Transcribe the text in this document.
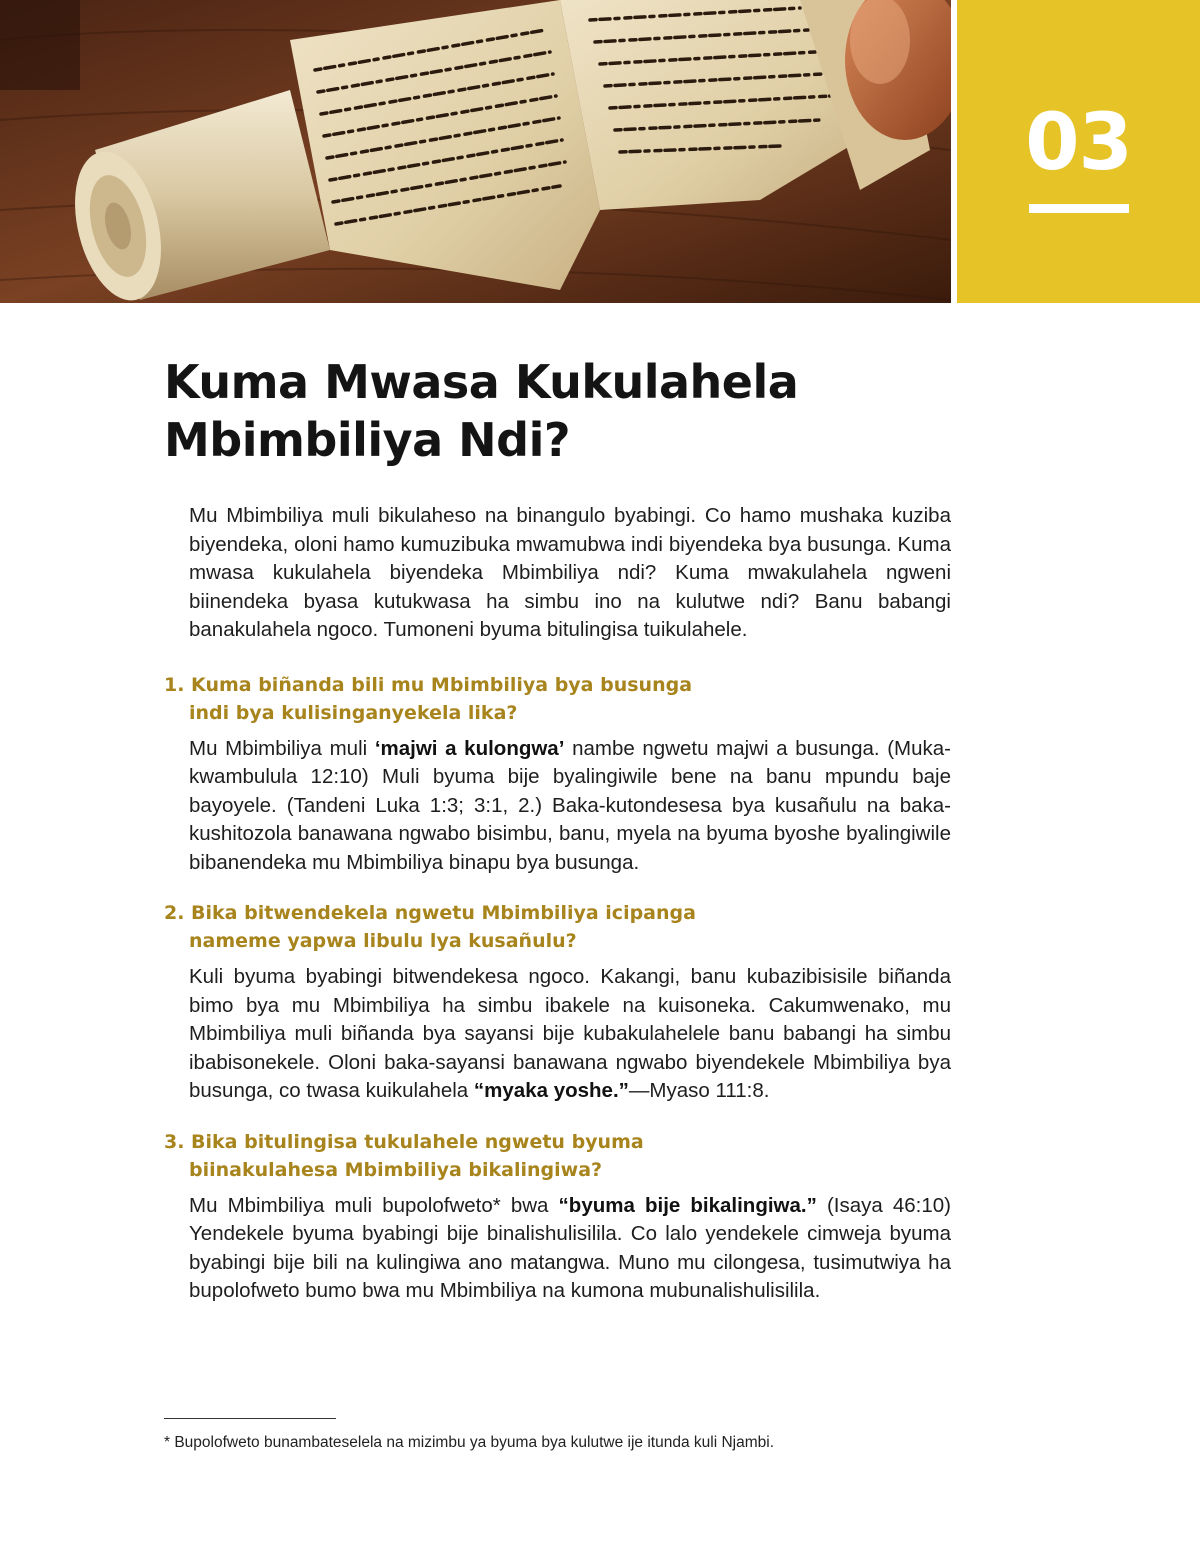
03
Kuma Mwasa Kukulahela
Mbimbiliya Ndi?

Mu Mbimbiliya muli bikulaheso na binangulo byabingi. Co hamo mushaka kuziba biyendeka, oloni hamo kumuzibuka mwamubwa indi biyendeka bya busunga. Kuma mwasa kukulahela biyendeka Mbimbiliya ndi? Kuma mwakulahela ngweni biinendeka byasa kutukwasa ha simbu ino na kulutwe ndi? Banu babangi banakulahela ngoco. Tumoneni byuma bitulingisa tuikulahele.

1. Kuma biñanda bili mu Mbimbiliya bya busunga
indi bya kulisinganyekela lika?

Mu Mbimbiliya muli ‘majwi a kulongwa’ nambe ngwetu majwi a busunga. (Muka-kwambulula 12:10) Muli byuma bije byalingiwile bene na banu mpundu baje bayoyele. (Tandeni Luka 1:3; 3:1, 2.) Baka-kutondesesa bya kusañulu na baka-kushitozola banawana ngwabo bisimbu, banu, myela na byuma byoshe byalingiwile bibanendeka mu Mbimbiliya binapu bya busunga.

2. Bika bitwendekela ngwetu Mbimbiliya icipanga
nameme yapwa libulu lya kusañulu?

Kuli byuma byabingi bitwendekesa ngoco. Kakangi, banu kubazibisisile biñanda bimo bya mu Mbimbiliya ha simbu ibakele na kuisoneka. Cakumwenako, mu Mbimbiliya muli biñanda bya sayansi bije kubakulahelele banu babangi ha simbu ibabisonekele. Oloni baka-sayansi banawana ngwabo biyendekele Mbimbiliya bya busunga, co twasa kuikulahela “myaka yoshe.”—Myaso 111:8.

3. Bika bitulingisa tukulahele ngwetu byuma
biinakulahesa Mbimbiliya bikalingiwa?

Mu Mbimbiliya muli bupolofweto* bwa “byuma bije bikalingiwa.” (Isaya 46:10) Yendekele byuma byabingi bije binalishulisilila. Co lalo yendekele cimweja byuma byabingi bije bili na kulingiwa ano matangwa. Muno mu cilongesa, tusimutwiya ha bupolofweto bumo bwa mu Mbimbiliya na kumona mubunalishulisilila.

* Bupolofweto bunambateselela na mizimbu ya byuma bya kulutwe ije itunda kuli Njambi.
